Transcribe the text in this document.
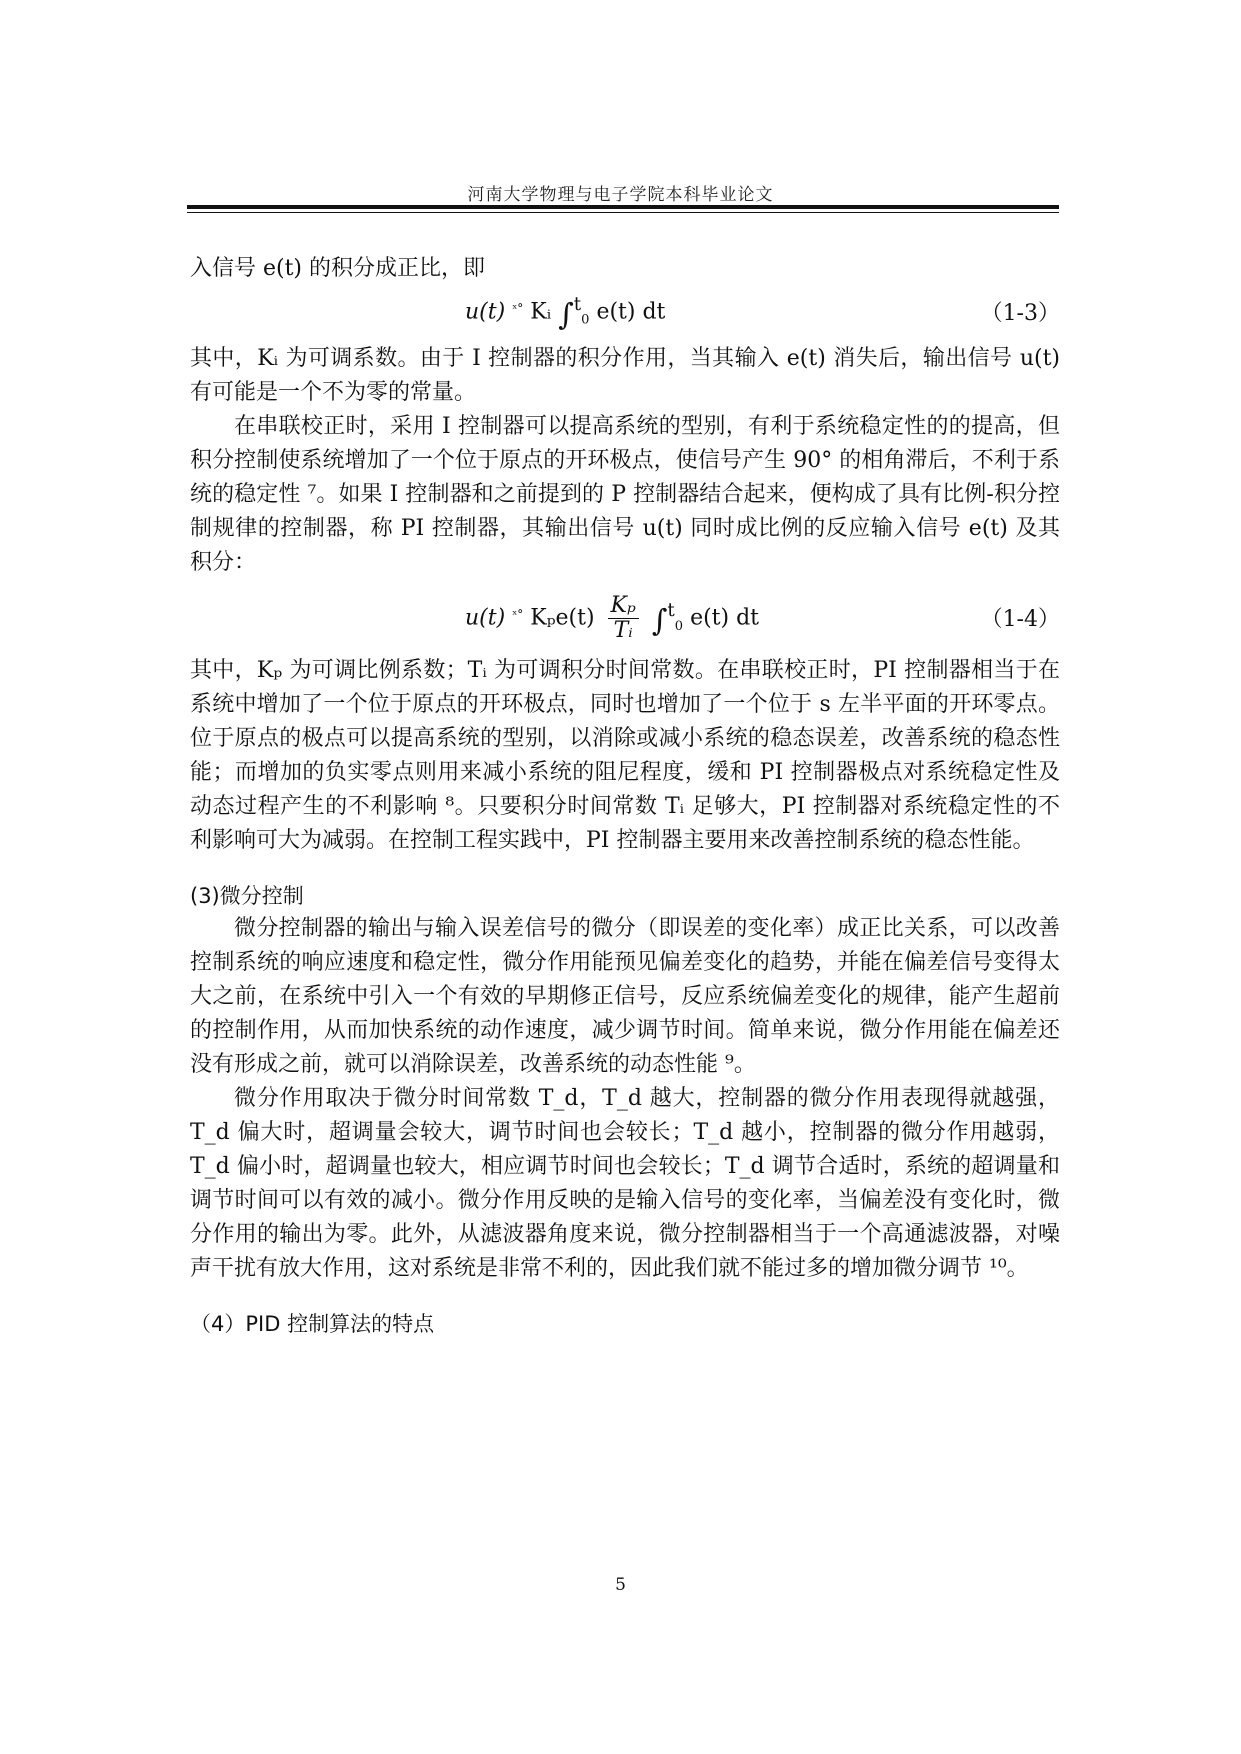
河南大学物理与电子学院本科毕业论文

入信号 e(t) 的积分成正比，即

u(t) $^{ˣ^\circ}$ Kᵢ ∫$^t_0$ e(t) dt	（1-3）

其中，Kᵢ 为可调系数。由于 I 控制器的积分作用，当其输入 e(t) 消失后，输出信号 u(t) 有可能是一个不为零的常量。

在串联校正时，采用 I 控制器可以提高系统的型别，有利于系统稳定性的的提高，但积分控制使系统增加了一个位于原点的开环极点，使信号产生 90° 的相角滞后，不利于系统的稳定性 ⁷。如果 I 控制器和之前提到的 P 控制器结合起来，便构成了具有比例-积分控制规律的控制器，称 PI 控制器，其输出信号 u(t) 同时成比例的反应输入信号 e(t) 及其积分：

u(t) $^{ˣ^\circ}$ $K_pe(t) \frac{\text{Kₚ}}{\text{Tᵢ}} \int^t_0$ e(t) dt	（1-4）

其中，Kₚ 为可调比例系数；Tᵢ 为可调积分时间常数。在串联校正时，PI 控制器相当于在系统中增加了一个位于原点的开环极点，同时也增加了一个位于 s 左半平面的开环零点。位于原点的极点可以提高系统的型别，以消除或减小系统的稳态误差，改善系统的稳态性能；而增加的负实零点则用来减小系统的阻尼程度，缓和 PI 控制器极点对系统稳定性及动态过程产生的不利影响 ⁸。只要积分时间常数 Tᵢ 足够大，PI 控制器对系统稳定性的不利影响可大为减弱。在控制工程实践中，PI 控制器主要用来改善控制系统的稳态性能。

(3)微分控制

微分控制器的输出与输入误差信号的微分（即误差的变化率）成正比关系，可以改善控制系统的响应速度和稳定性，微分作用能预见偏差变化的趋势，并能在偏差信号变得太大之前，在系统中引入一个有效的早期修正信号，反应系统偏差变化的规律，能产生超前的控制作用，从而加快系统的动作速度，减少调节时间。简单来说，微分作用能在偏差还没有形成之前，就可以消除误差，改善系统的动态性能 ⁹。

微分作用取决于微分时间常数 T_d，T_d 越大，控制器的微分作用表现得就越强，T_d 偏大时，超调量会较大，调节时间也会较长；T_d 越小，控制器的微分作用越弱，T_d 偏小时，超调量也较大，相应调节时间也会较长；T_d 调节合适时，系统的超调量和调节时间可以有效的减小。微分作用反映的是输入信号的变化率，当偏差没有变化时，微分作用的输出为零。此外，从滤波器角度来说，微分控制器相当于一个高通滤波器，对噪声干扰有放大作用，这对系统是非常不利的，因此我们就不能过多的增加微分调节 ¹⁰。

（4）PID 控制算法的特点
5
